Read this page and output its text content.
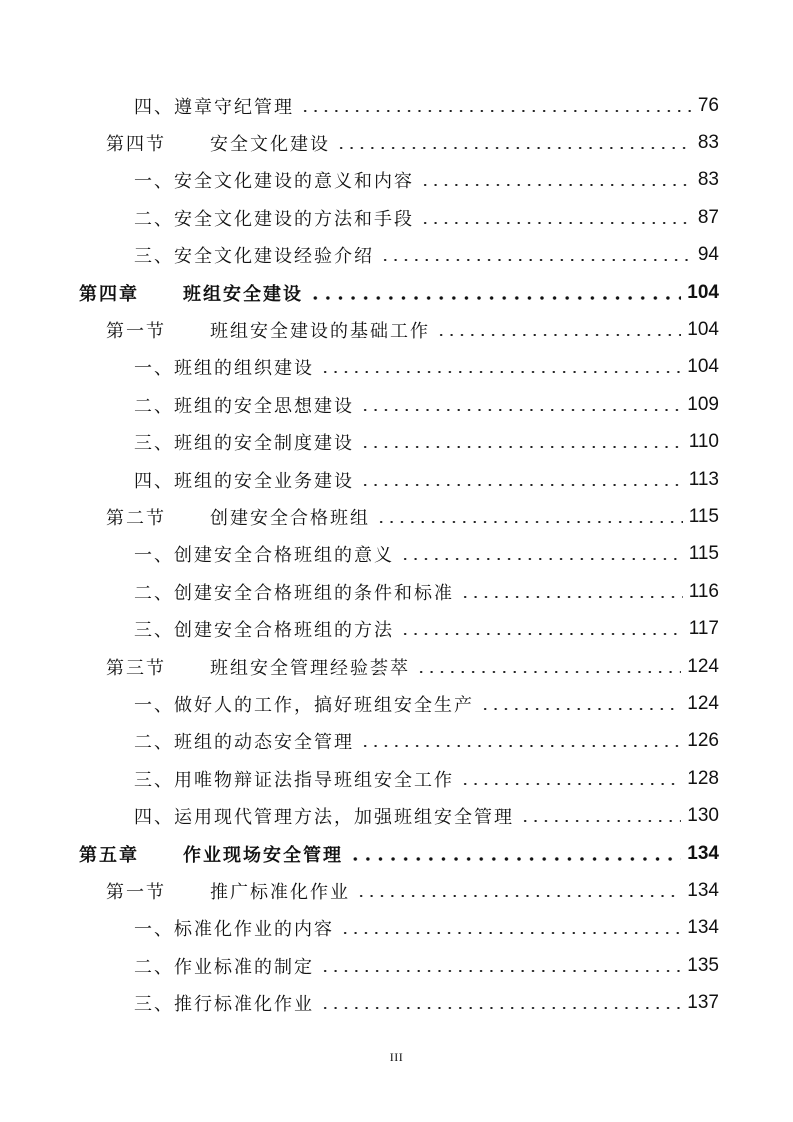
四、遵章守纪管理	76
第四节 安全文化建设	83
一、安全文化建设的意义和内容	83
二、安全文化建设的方法和手段	87
三、安全文化建设经验介绍	94
第四章 班组安全建设	104
第一节 班组安全建设的基础工作	104
一、班组的组织建设	104
二、班组的安全思想建设	109
三、班组的安全制度建设	110
四、班组的安全业务建设	113
第二节 创建安全合格班组	115
一、创建安全合格班组的意义	115
二、创建安全合格班组的条件和标准	116
三、创建安全合格班组的方法	117
第三节 班组安全管理经验荟萃	124
一、做好人的工作，搞好班组安全生产	124
二、班组的动态安全管理	126
三、用唯物辩证法指导班组安全工作	128
四、运用现代管理方法，加强班组安全管理	130
第五章 作业现场安全管理	134
第一节 推广标准化作业	134
一、标准化作业的内容	134
二、作业标准的制定	135
三、推行标准化作业	137
III
